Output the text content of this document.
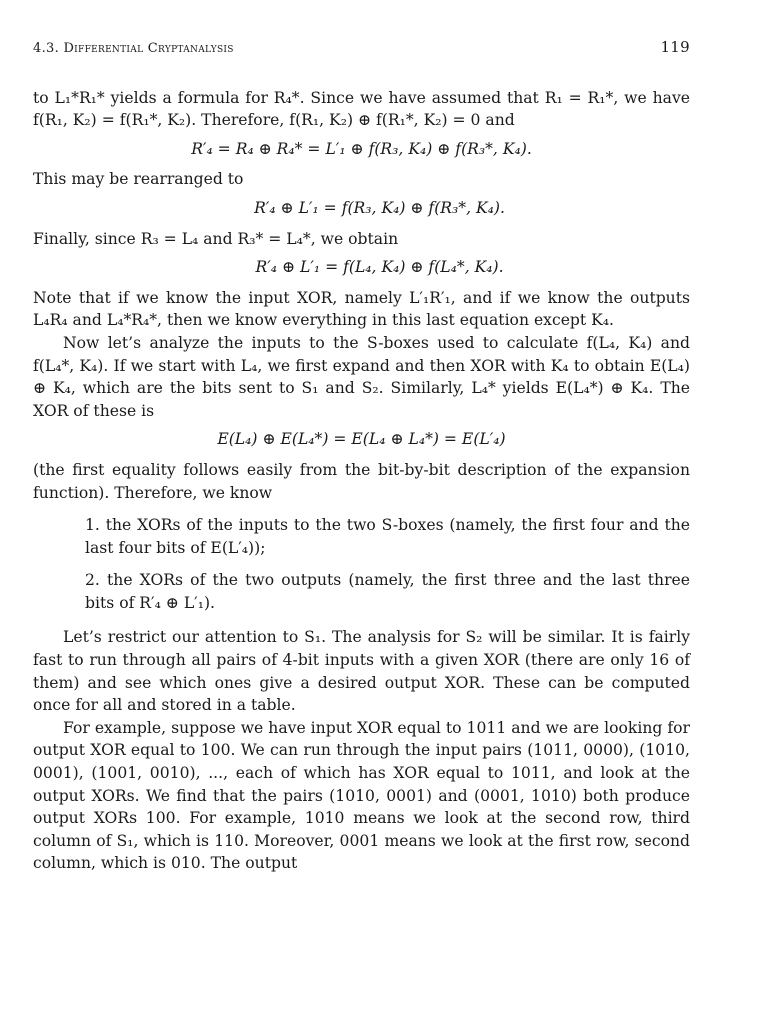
4.3. Differential Cryptanalysis	119

to L₁*R₁* yields a formula for R₄*. Since we have assumed that R₁ = R₁*, we have f(R₁, K₂) = f(R₁*, K₂). Therefore, f(R₁, K₂) ⊕ f(R₁*, K₂) = 0 and

R′₄ = R₄ ⊕ R₄* = L′₁ ⊕ f(R₃, K₄) ⊕ f(R₃*, K₄).

This may be rearranged to

R′₄ ⊕ L′₁ = f(R₃, K₄) ⊕ f(R₃*, K₄).

Finally, since R₃ = L₄ and R₃* = L₄*, we obtain

R′₄ ⊕ L′₁ = f(L₄, K₄) ⊕ f(L₄*, K₄).

Note that if we know the input XOR, namely L′₁R′₁, and if we know the outputs L₄R₄ and L₄*R₄*, then we know everything in this last equation except K₄.

Now let’s analyze the inputs to the S-boxes used to calculate f(L₄, K₄) and f(L₄*, K₄). If we start with L₄, we first expand and then XOR with K₄ to obtain E(L₄) ⊕ K₄, which are the bits sent to S₁ and S₂. Similarly, L₄* yields E(L₄*) ⊕ K₄. The XOR of these is

E(L₄) ⊕ E(L₄*) = E(L₄ ⊕ L₄*) = E(L′₄)

(the first equality follows easily from the bit-by-bit description of the expansion function). Therefore, we know

1. the XORs of the inputs to the two S-boxes (namely, the first four and the last four bits of E(L′₄));
2. the XORs of the two outputs (namely, the first three and the last three bits of R′₄ ⊕ L′₁).

Let’s restrict our attention to S₁. The analysis for S₂ will be similar. It is fairly fast to run through all pairs of 4-bit inputs with a given XOR (there are only 16 of them) and see which ones give a desired output XOR. These can be computed once for all and stored in a table.

For example, suppose we have input XOR equal to 1011 and we are looking for output XOR equal to 100. We can run through the input pairs (1011, 0000), (1010, 0001), (1001, 0010), ..., each of which has XOR equal to 1011, and look at the output XORs. We find that the pairs (1010, 0001) and (0001, 1010) both produce output XORs 100. For example, 1010 means we look at the second row, third column of S₁, which is 110. Moreover, 0001 means we look at the first row, second column, which is 010. The output
